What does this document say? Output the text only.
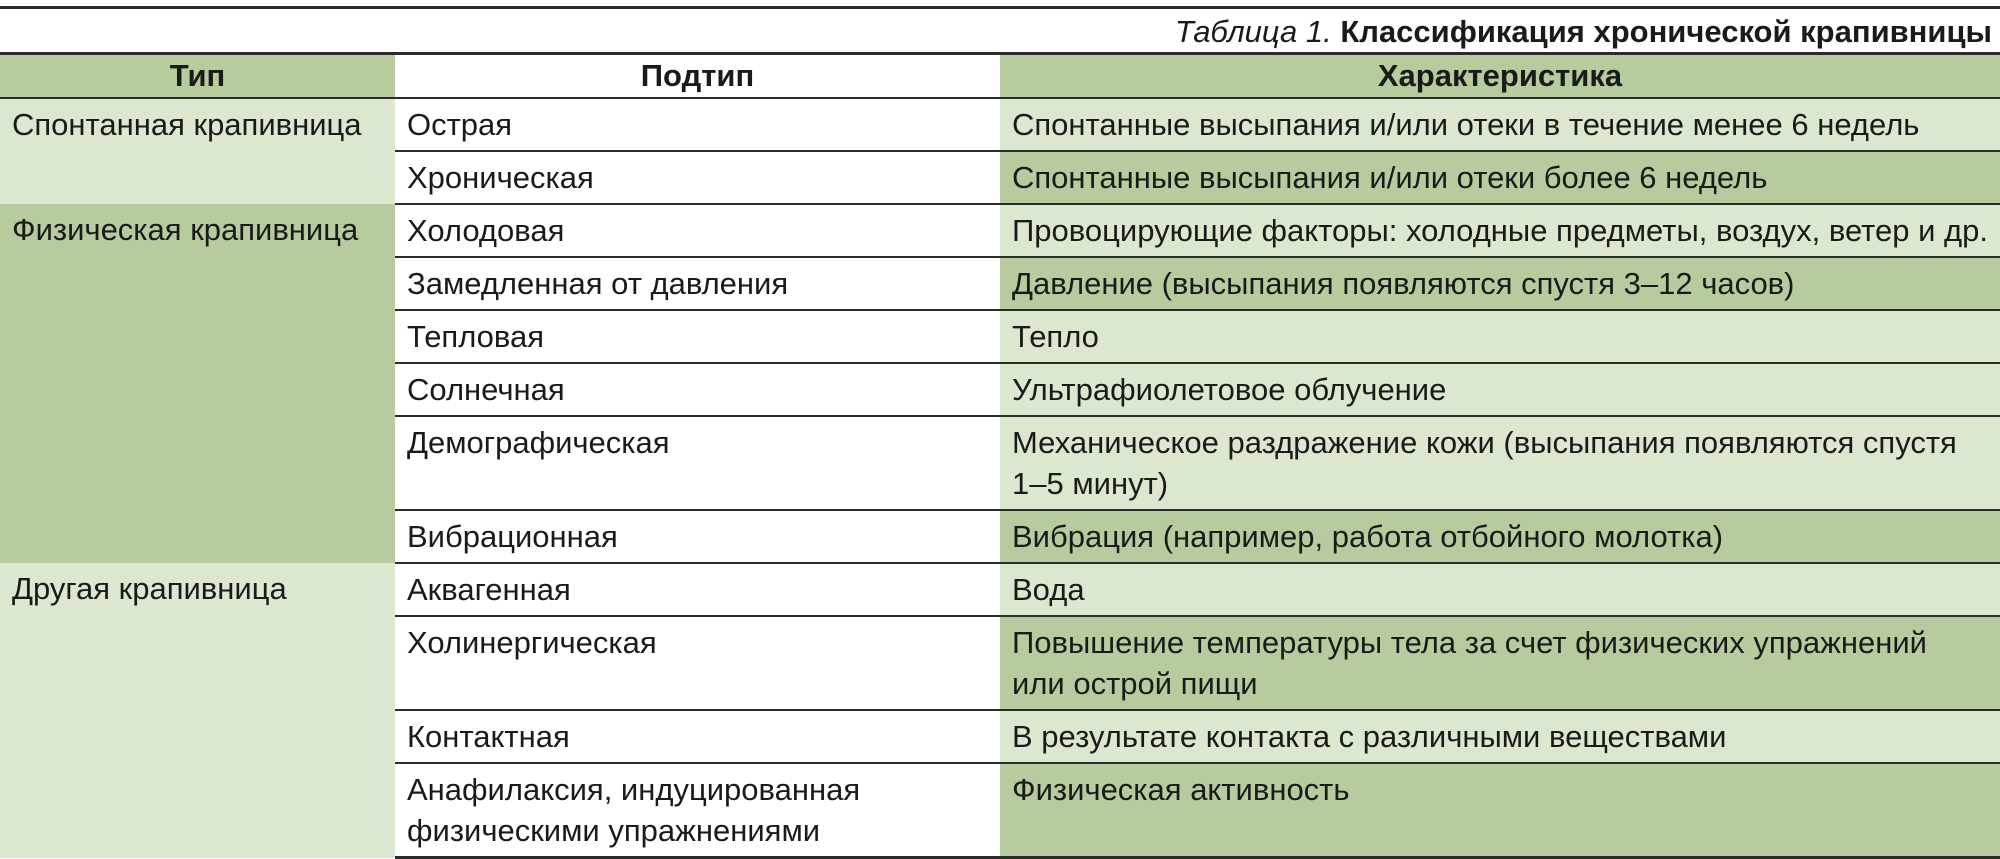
Таблица 1. Классификация хронической крапивницы
Тип	Подтип	Характеристика
Спонтанная крапивница	Острая	Спонтанные высыпания и/или отеки в течение менее 6 недель
	Хроническая	Спонтанные высыпания и/или отеки более 6 недель
Физическая крапивница	Холодовая	Провоцирующие факторы: холодные предметы, воздух, ветер и др.
	Замедленная от давления	Давление (высыпания появляются спустя 3–12 часов)
	Тепловая	Тепло
	Солнечная	Ультрафиолетовое облучение
	Демографическая	Механическое раздражение кожи (высыпания появляются спустя 1–5 минут)
	Вибрационная	Вибрация (например, работа отбойного молотка)
Другая крапивница	Аквагенная	Вода
	Холинергическая	Повышение температуры тела за счет физических упражнений или острой пищи
	Контактная	В результате контакта с различными веществами
	Анафилаксия, индуцированная физическими упражнениями	Физическая активность
